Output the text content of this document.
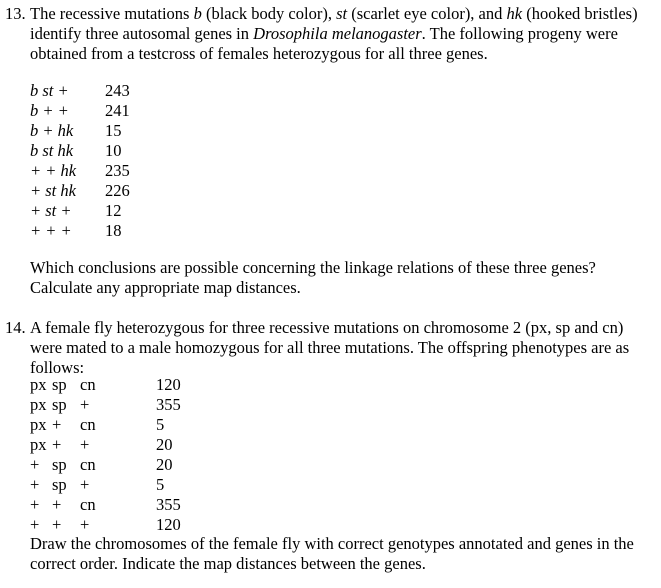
13. The recessive mutations b (black body color), st (scarlet eye color), and hk (hooked bristles) identify three autosomal genes in Drosophila melanogaster. The following progeny were obtained from a testcross of females heterozygous for all three genes.

b st +	243
b + +	241
b + hk	15
b st hk	10
+ + hk	235
+ st hk	226
+ st +	12
+ + +	18

Which conclusions are possible concerning the linkage relations of these three genes? Calculate any appropriate map distances.

14. A female fly heterozygous for three recessive mutations on chromosome 2 (px, sp and cn) were mated to a male homozygous for all three mutations. The offspring phenotypes are as follows:

px	sp	cn	120
px	sp	+	355
px	+	cn	5
px	+	+	20
+	sp	cn	20
+	sp	+	5
+	+	cn	355
+	+	+	120

Draw the chromosomes of the female fly with correct genotypes annotated and genes in the correct order. Indicate the map distances between the genes.
